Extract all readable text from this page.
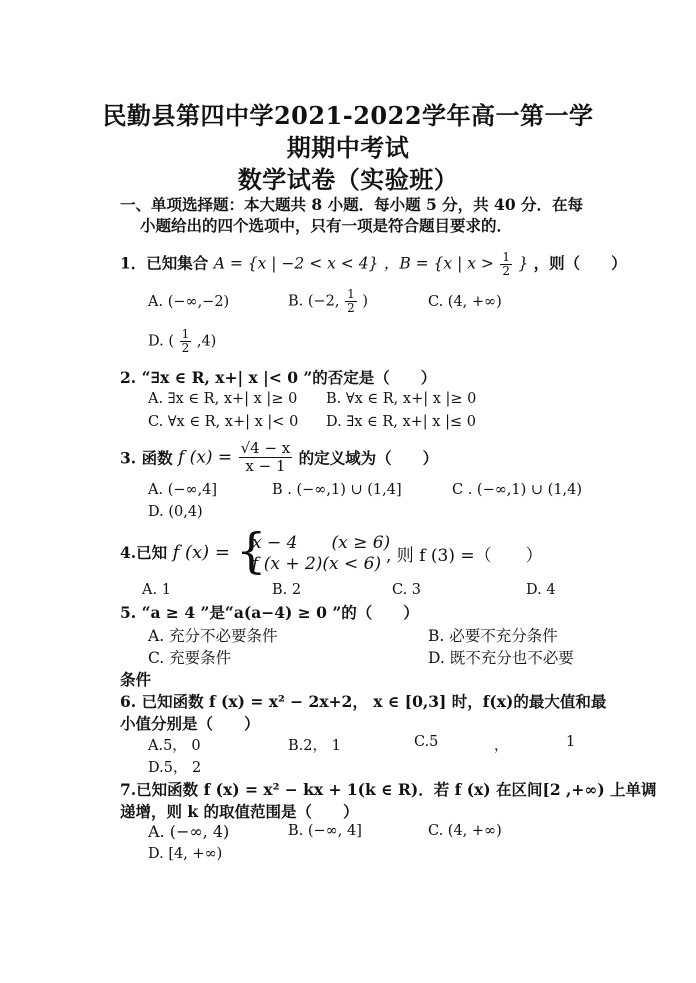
民勤县第四中学2021-2022学年高一第一学
期期中考试
数学试卷（实验班）
一、单项选择题：本大题共 8 小题．每小题 5 分，共 40 分．在每
小题给出的四个选项中，只有一项是符合题目要求的．
1．已知集合 A = {x | −2 < x < 4} ，B = {x | $x > \frac{1}{2}$ } ，则（　　）
A. (−∞,−2)	B. (−2, $\frac{1}{2}$ )	C. (4, +∞)
D. ( $\frac{1}{2} ,4$)
2. “∃x ∈ R, x+| x |< 0 ”的否定是（　　）
A. ∃x ∈ R, x+| x |≥ 0 B. ∀x ∈ R, x+| x |≥ 0
C. ∀x ∈ R, x+| x |< 0 D. ∃x ∈ R, x+| x |≤ 0
3. 函数 f $(x) = \frac{√4 - x}{x - 1}$ 的定义域为（　　）
A. (−∞,4]	B . (−∞,1) ∪ (1,4]	C . (−∞,1) ∪ (1,4)
D. (0,4)
4.已知 f (x) = {
x − 4　　(x ≥ 6)
f (x + 2)(x < 6) , 则 f (3) =（　　）
A. 1	B. 2	C. 3	D. 4
5. “a ≥ 4 ”是“a(a−4) ≥ 0 ”的（　　）
A. 充分不必要条件	B. 必要不充分条件
C. 充要条件	D. 既不充分也不必要
条件
6. 已知函数 f (x) = x² − 2x+2， x ∈ [0,3] 时，f(x)的最大值和最
小值分别是（　　）
A.5， 0	B.2， 1	C.5	，	1
D.5， 2
7.已知函数 f (x) = x² − kx + 1(k ∈ R)．若 f (x) 在区间[2 ,+∞) 上单调
递增，则 k 的取值范围是（　　）
A. (−∞, 4)	B. (−∞, 4]	C. (4, +∞)
D. [4, +∞)
